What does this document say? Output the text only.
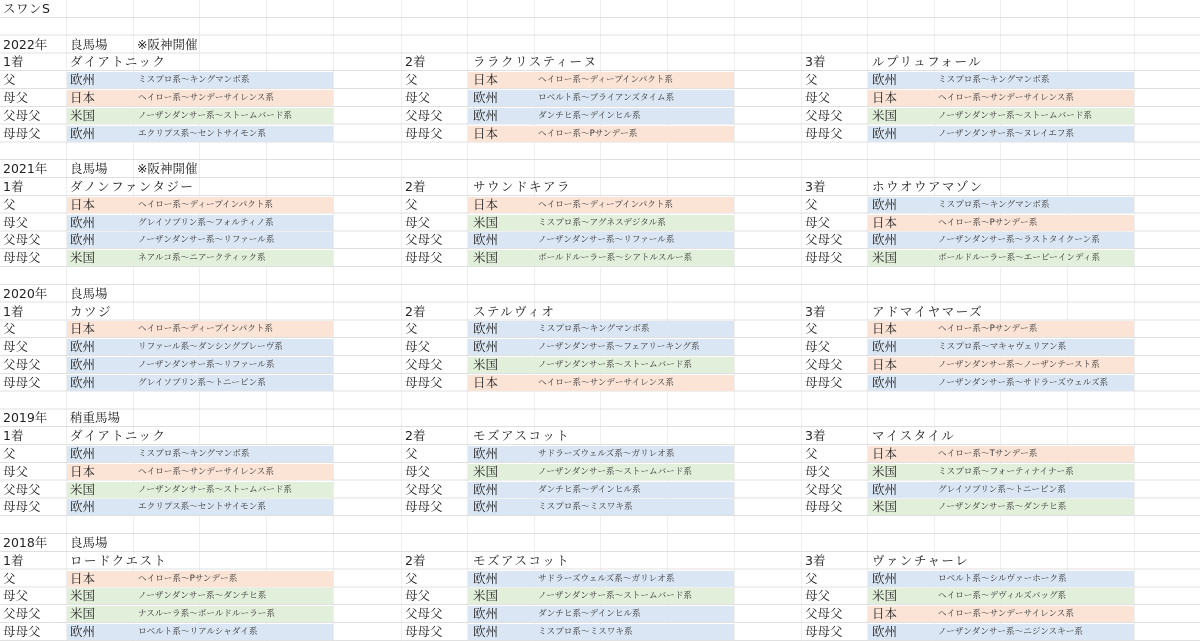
スワンS
2022年 良馬場 ※阪神開催
1着	ダイアトニック	2着	ララクリスティーヌ	3着	ルプリュフォール
父	欧州	ミスプロ系～キングマンボ系	父	日本	ヘイロー系～ディープインパクト系	父	欧州	ミスプロ系～キングマンボ系
母父	日本	ヘイロー系～サンデーサイレンス系	母父	欧州	ロベルト系～ブライアンズタイム系	母父	日本	ヘイロー系～サンデーサイレンス系
父母父 米国	ノーザンダンサー系～ストームバード系	父母父 欧州	ダンチヒ系～デインヒル系	父母父 米国	ノーザンダンサー系～ストームバード系
母母父 欧州	エクリプス系～セントサイモン系	母母父 日本	ヘイロー系～Pサンデー系	母母父 欧州	ノーザンダンサー系～ヌレイエフ系
2021年 良馬場 ※阪神開催
1着	ダノンファンタジー	2着	サウンドキアラ	3着	ホウオウアマゾン
父	日本	ヘイロー系～ディープインパクト系	父	日本	ヘイロー系～ディープインパクト系	父	欧州	ミスプロ系～キングマンボ系
母父	欧州	グレイソブリン系～フォルティノ系	母父	米国	ミスプロ系～アグネスデジタル系	母父	日本	ヘイロー系～Pサンデー系
父母父 欧州	ノーザンダンサー系～リファール系	父母父 欧州	ノーザンダンサー系～リファール系	父母父 欧州	ノーザンダンサー系～ラストタイクーン系
母母父 米国	ネアルコ系～ニアークティック系	母母父 米国	ボールドルーラー系～シアトルスルー系	母母父 米国	ボールドルーラー系～エーピーインディ系
2020年 良馬場
1着	カツジ	2着	ステルヴィオ	3着	アドマイヤマーズ
父	日本	ヘイロー系～ディープインパクト系	父	欧州	ミスプロ系～キングマンボ系	父	日本	ヘイロー系～Pサンデー系
母父	欧州	リファール系～ダンシングブレーヴ系	母父	欧州	ノーザンダンサー系～フェアリーキング系	母父	欧州	ミスプロ系～マキャヴェリアン系
父母父 欧州	ノーザンダンサー系～リファール系	父母父 米国	ノーザンダンサー系～ストームバード系	父母父 日本	ノーザンダンサー系～ノーザンテースト系
母母父 欧州	グレイソブリン系～トニービン系	母母父 日本	ヘイロー系～サンデーサイレンス系	母母父 欧州	ノーザンダンサー系～サドラーズウェルズ系
2019年 稍重馬場
1着	ダイアトニック	2着	モズアスコット	3着	マイスタイル
父	欧州	ミスプロ系～キングマンボ系	父	欧州	サドラーズウェルズ系～ガリレオ系	父	日本	ヘイロー系～Tサンデー系
母父	日本	ヘイロー系～サンデーサイレンス系	母父	米国	ノーザンダンサー系～ストームバード系	母父	米国	ミスプロ系～フォーティナイナー系
父母父 米国	ノーザンダンサー系～ストームバード系	父母父 欧州	ダンチヒ系～デインヒル系	父母父 欧州	グレイソブリン系～トニービン系
母母父 欧州	エクリプス系～セントサイモン系	母母父 欧州	ミスプロ系～ミスワキ系	母母父 米国	ノーザンダンサー系～ダンチヒ系
2018年 良馬場
1着	ロードクエスト	2着	モズアスコット	3着	ヴァンチャーレ
父	日本	ヘイロー系～Pサンデー系	父	欧州	サドラーズウェルズ系～ガリレオ系	父	欧州	ロベルト系～シルヴァーホーク系
母父	米国	ノーザンダンサー系～ダンチヒ系	母父	米国	ノーザンダンサー系～ストームバード系	母父	米国	ヘイロー系～デヴィルズバッグ系
父母父 米国	ナスルーラ系～ボールドルーラー系	父母父 欧州	ダンチヒ系～デインヒル系	父母父 日本	ヘイロー系～サンデーサイレンス系
母母父 欧州	ロベルト系～リアルシャダイ系	母母父 欧州	ミスプロ系～ミスワキ系	母母父 欧州	ノーザンダンサー系～ニジンスキー系
